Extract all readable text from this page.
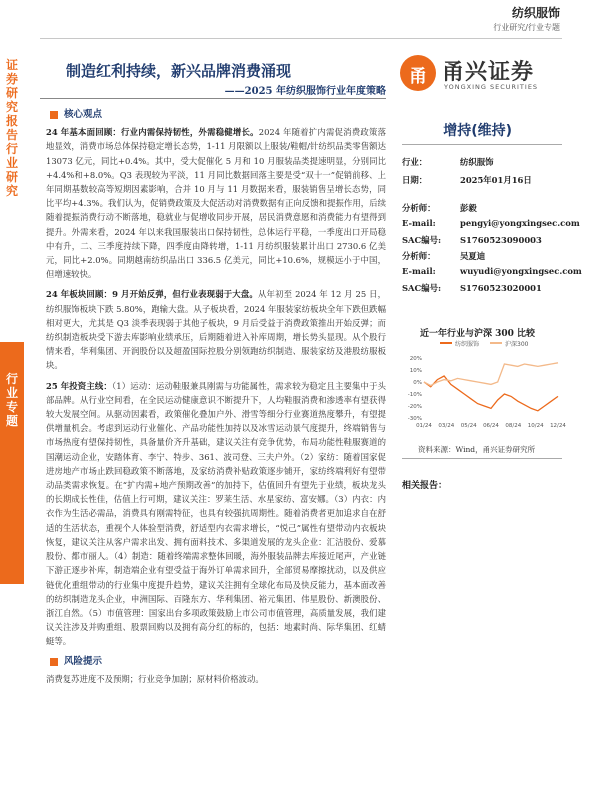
纺织服饰
行业研究/行业专题
证券研究报告 行业研究
行业专题
制造红利持续，新兴品牌消费涌现
——2025 年纺织服饰行业年度策略
甬 甬兴证券
YONGXING SECURITIES
核心观点

24 年基本面回顾：行业内需保持韧性，外需稳健增长。2024 年随着扩内需促消费政策落地显效，消费市场总体保持稳定增长态势，1-11 月限额以上服装/鞋帽/针纺织品类零售额达 13073 亿元，同比+0.4%。其中，受大促催化 5 月和 10 月服装品类提速明显，分别同比+4.4%和+8.0%。Q3 表现较为平淡，11 月同比数据回落主要是受“双十一”促销前移、上年同期基数较高等短期因素影响，合并 10 月与 11 月数据来看，服装销售呈增长态势，同比平均+4.3%。我们认为，促销费政策及大促活动对消费数据有正向反馈和提振作用，后续随着提振消费行动不断落地，稳就业与促增收同步开展，居民消费意愿和消费能力有望得到提升。外需来看，2024 年以来我国服装出口保持韧性，总体运行平稳，一季度出口开局稳中有升，二、三季度持续下降，四季度由降转增，1-11 月纺织服装累计出口 2730.6 亿美元，同比+2.0%。同期越南纺织品出口 336.5 亿美元，同比+10.6%，规模远小于中国，但增速较快。

24 年板块回顾：9 月开始反弹，但行业表现弱于大盘。从年初至 2024 年 12 月 25 日，纺织服饰板块下跌 5.80%，跑输大盘。从子板块看，2024 年服装家纺板块全年下跌但跌幅相对更大，尤其是 Q3 淡季表现弱于其他子板块，9 月后受益于消费政策推出开始反弹；而纺织制造板块受下游去库影响业绩承压，后期随着进入补库周期，增长势头显现。从个股行情来看，华利集团、开润股份以及超盈国际控股分别领跑纺织制造、服装家纺及港股纺服板块。

25 年投资主线：（1）运动：运动鞋服兼具刚需与功能属性，需求较为稳定且主要集中于头部品牌。从行业空间看，在全民运动健康意识不断提升下，人均鞋服消费和渗透率有望获得较大发展空间。从驱动因素看，政策催化叠加户外、滑雪等细分行业赛道热度攀升，有望提供增量机会。考虑到运动行业催化、产品功能性加持以及冰雪运动景气度提升，终端销售与市场热度有望保持韧性，具备量价齐升基础，建议关注有竞争优势，布局功能性鞋服赛道的国潮运动企业，安踏体育、李宁、特步、361、波司登、三夫户外。（2）家纺：随着国家促进房地产市场止跌回稳政策不断落地，及家纺消费补贴政策逐步铺开，家纺终端利好有望带动品类需求恢复。在“扩内需+地产预期改善”的加持下，估值回升有望先于业绩，板块龙头的长期成长性佳，估值上行可期，建议关注：罗莱生活、水星家纺、富安娜。（3）内衣：内衣作为生活必需品，消费具有刚需特征，也具有较强抗周期性。随着消费者更加追求自在舒适的生活状态，重视个人体验型消费，舒适型内衣需求增长，“悦己”属性有望带动内衣板块恢复，建议关注从客户需求出发、拥有面料技术、多渠道发展的龙头企业：汇洁股份、爱慕股份、都市丽人。（4）制造：随着终端需求整体回暖，海外服装品牌去库接近尾声，产业链下游正逐步补库，制造端企业有望受益于海外订单需求回升，全部贸易摩擦扰动，以及供应链优化重组带动的行业集中度提升趋势，建议关注拥有全球化布局及快反能力，基本面改善的纺织制造龙头企业，申洲国际、百隆东方、华利集团、裕元集团、伟星股份、新澳股份、浙江自然。（5）市值管理：国家出台多项政策鼓励上市公司市值管理，高质量发展，我们建议关注涉及并购重组、股票回购以及拥有高分红的标的，包括：地素时尚、际华集团、红蜻蜓等。

风险提示

消费复苏进度不及预期；行业竞争加剧；原材料价格波动。

增持(维持)
行业：	纺织服饰
日期：	2025年01月16日
分析师：	彭毅
E-mail:	pengyi@yongxingsec.com
SAC编号: S1760523090003
分析师：	吴夏迪
E-mail:	wuyudi@yongxingsec.com
SAC编号: S1760523020001
近一年行业与沪深 300 比较
纺织服饰	沪深300
20%
10%
0%
-10%
-20%
-30%
01/24 03/24 05/24 06/24 08/24 10/24 12/24
资料来源：Wind，甬兴证券研究所
相关报告：
